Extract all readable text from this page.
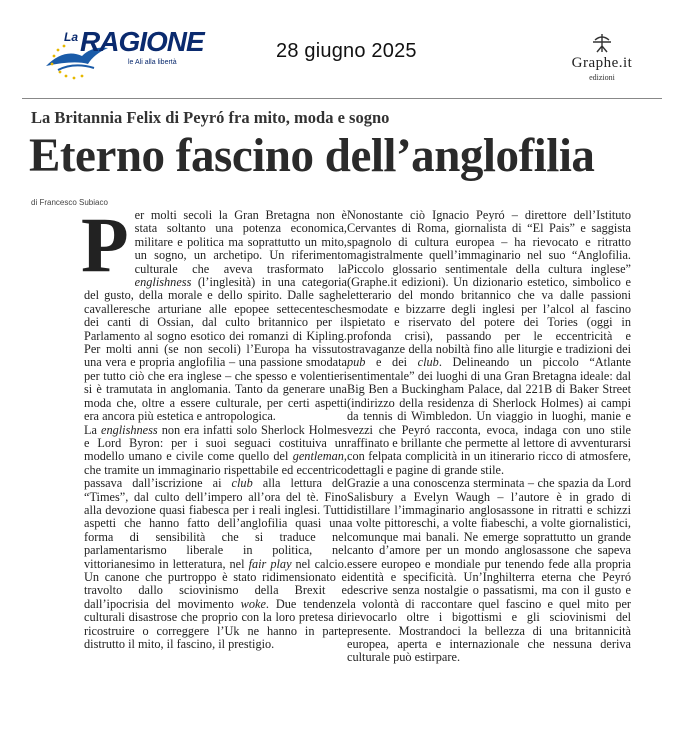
La RAGIONE
le Ali alla libertà
28 giugno 2025
Graphe.it
edizioni
La Britannia Felix di Peyró fra mito, moda e sogno
Eterno fascino dell’anglofilia
di Francesco Subiaco
P er molti secoli la Gran Bretagna non è stata soltanto una potenza economica, militare e politica ma soprattutto un mito, un sogno, un archetipo. Un riferimento culturale che aveva trasformato la englishness (l’inglesità) in una categoria del gusto, della morale e dello spirito. Dalle saghe cavalleresche arturiane alle epopee settecentesche dei canti di Ossian, dal culto britannico per il Parlamento al sogno esotico dei romanzi di Kipling. Per molti anni (se non secoli) l’Europa ha vissuto una vera e propria anglofilia – una passione smodata per tutto ciò che era inglese – che spesso e volentieri si è tramutata in anglomania. Tanto da generare una moda che, oltre a essere culturale, per certi aspetti era ancora più estetica e antropologica.

La englishness non era infatti solo Sherlock Holmes e Lord Byron: per i suoi seguaci costituiva un modello umano e civile come quello del gentleman, che tramite un immaginario rispettabile ed eccentrico passava dall’iscrizione ai club alla lettura del “Times”, dal culto dell’impero all’ora del tè. Fino alla devozione quasi fiabesca per i reali inglesi. Tutti aspetti che hanno fatto dell’anglofilia quasi una forma di sensibilità che si traduce nel parlamentarismo liberale in politica, nel vittorianesimo in letteratura, nel fair play nel calcio. Un canone che purtroppo è stato ridimensionato e travolto dallo sciovinismo della Brexit e dall’ipocrisia del movimento woke. Due tendenze culturali disastrose che proprio con la loro pretesa di ricostruire o correggere l’Uk ne hanno in parte distrutto il mito, il fascino, il prestigio.

Nonostante ciò Ignacio Peyró – direttore dell’Istituto Cervantes di Roma, giornalista di “El Pais” e saggista spagnolo di cultura europea – ha rievocato e ritratto magistralmente quell’immaginario nel suo “Anglofilia. Piccolo glossario sentimentale della cultura inglese” (Graphe.it edizioni). Un dizionario estetico, simbolico e letterario del mondo britannico che va dalle passioni smodate e bizzarre degli inglesi per l’alcol al fascino spietato e riservato del potere dei Tories (oggi in profonda crisi), passando per le eccentricità e stravaganze della nobiltà fino alle liturgie e tradizioni dei pub e dei club. Delineando un piccolo “Atlante sentimentale” dei luoghi di una Gran Bretagna ideale: dal Big Ben a Buckingham Palace, dal 221B di Baker Street (indirizzo della residenza di Sherlock Holmes) ai campi da tennis di Wimbledon. Un viaggio in luoghi, manie e vezzi che Peyró racconta, evoca, indaga con uno stile raffinato e brillante che permette al lettore di avventurarsi con felpata complicità in un itinerario ricco di atmosfere, dettagli e pagine di grande stile.

Grazie a una conoscenza sterminata – che spazia da Lord Salisbury a Evelyn Waugh – l’autore è in grado di distillare l’immaginario anglosassone in ritratti e schizzi a volte pittoreschi, a volte fiabeschi, a volte giornalistici, comunque mai banali. Ne emerge soprattutto un grande canto d’amore per un mondo anglosassone che sapeva essere europeo e mondiale pur tenendo fede alla propria identità e specificità. Un’Inghilterra eterna che Peyró descrive senza nostalgie o passatismi, ma con il gusto e la volontà di raccontare quel fascino e quel mito per rievocarlo oltre i bigottismi e gli sciovinismi del presente. Mostrandoci la bellezza di una britannicità europea, aperta e internazionale che nessuna deriva culturale può estirpare.
